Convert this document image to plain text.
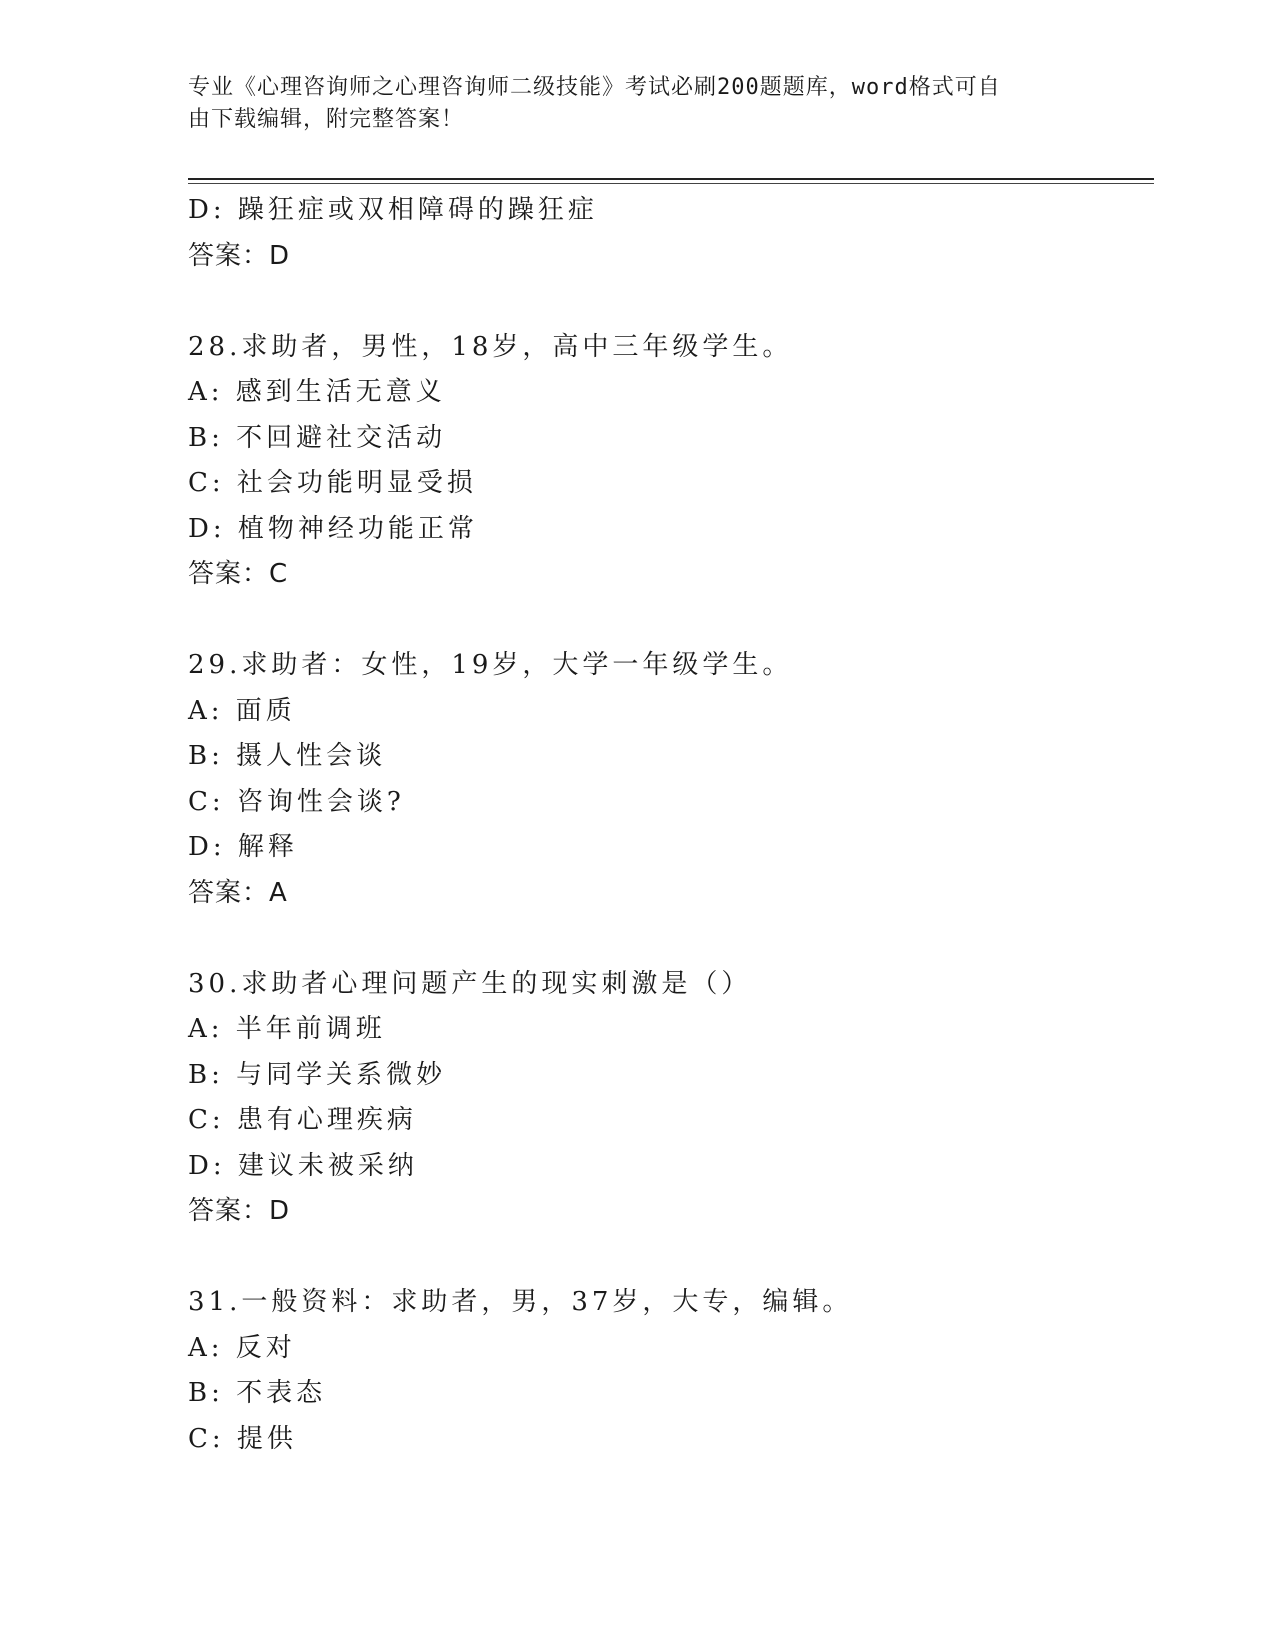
专业《心理咨询师之心理咨询师二级技能》考试必刷200题题库，word格式可自
由下载编辑，附完整答案！
D: 躁狂症或双相障碍的躁狂症
答案：D
28.求助者，男性，18岁，高中三年级学生。
A: 感到生活无意义
B: 不回避社交活动
C: 社会功能明显受损
D: 植物神经功能正常
答案：C
29.求助者：女性，19岁，大学一年级学生。
A: 面质
B: 摄人性会谈
C: 咨询性会谈?
D: 解释
答案：A
30.求助者心理问题产生的现实刺激是（）
A: 半年前调班
B: 与同学关系微妙
C: 患有心理疾病
D: 建议未被采纳
答案：D
31.一般资料：求助者，男，37岁，大专，编辑。
A: 反对
B: 不表态
C: 提供
